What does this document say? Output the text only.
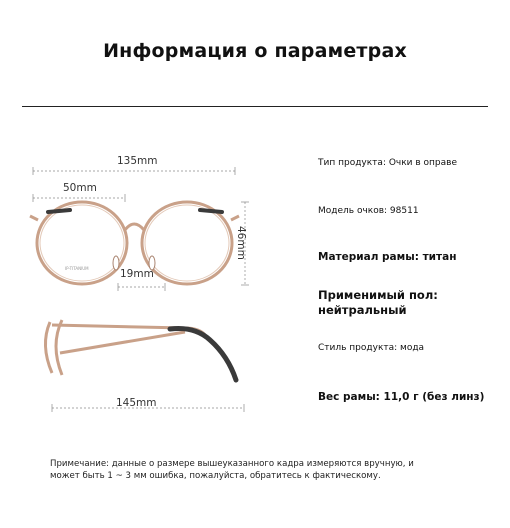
Информация о параметрах
IP-TITANIUM
135mm
50mm
46mm
19mm
145mm
Тип продукта: Очки в оправе
Модель очков: 98511
Материал рамы: титан
Применимый пол:
нейтральный
Стиль продукта: мода
Вес рамы: 11,0 г (без линз)
Примечание: данные о размере вышеуказанного кадра измеряются вручную, и
может быть 1 ~ 3 мм ошибка, пожалуйста, обратитесь к фактическому.
